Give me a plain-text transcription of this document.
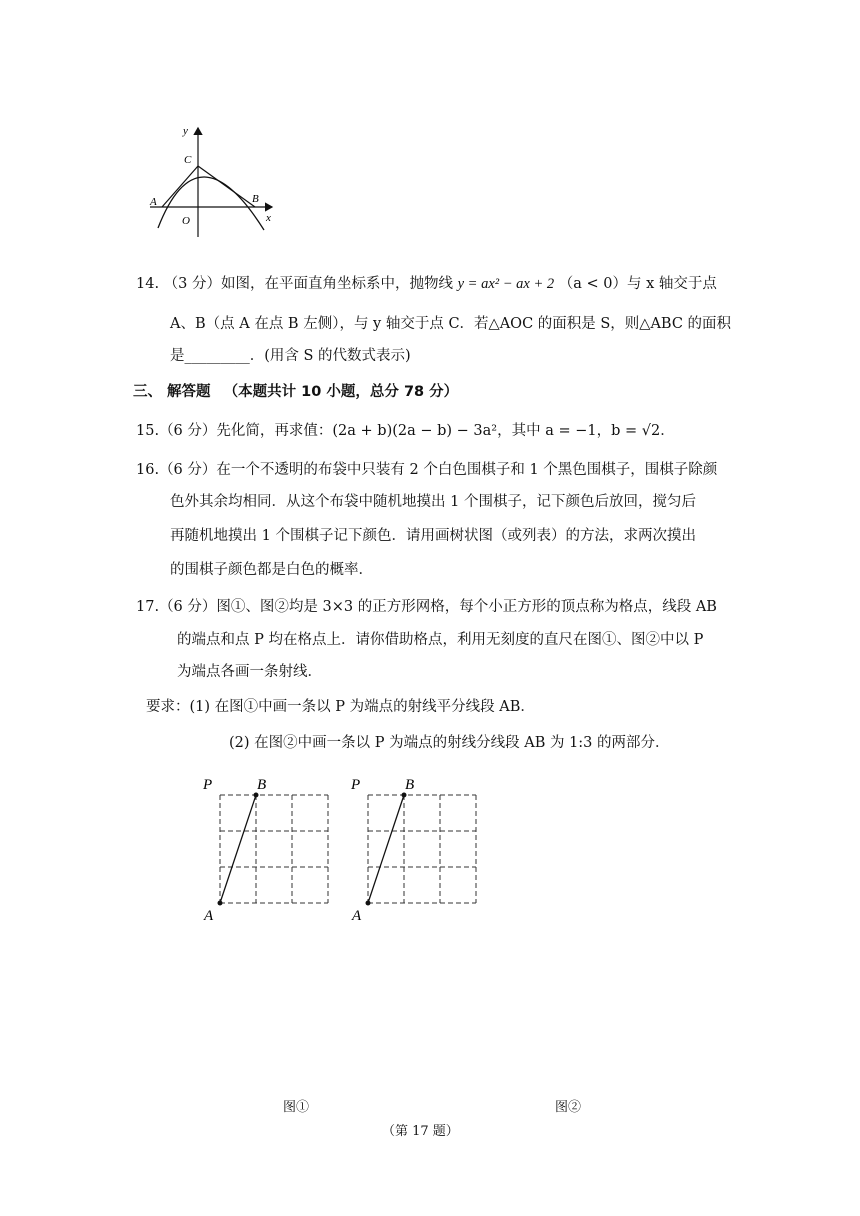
y
C
A	B
O	x
14. （3 分）如图，在平面直角坐标系中，抛物线 y = ax² − ax + 2 （a < 0）与 x 轴交于点
A、B（点 A 在点 B 左侧），与 y 轴交于点 C．若△AOC 的面积是 S，则△ABC 的面积
是_________．(用含 S 的代数式表示)
三、 解答题 （本题共计 10 小题，总分 78 分）
15.（6 分）先化简，再求值：(2a + b)(2a − b) − 3a²，其中 a = −1，b = √2．
16.（6 分）在一个不透明的布袋中只装有 2 个白色围棋子和 1 个黑色围棋子，围棋子除颜
色外其余均相同．从这个布袋中随机地摸出 1 个围棋子，记下颜色后放回，搅匀后
再随机地摸出 1 个围棋子记下颜色．请用画树状图（或列表）的方法，求两次摸出
的围棋子颜色都是白色的概率．
17.（6 分）图①、图②均是 3×3 的正方形网格，每个小正方形的顶点称为格点，线段 AB
的端点和点 P 均在格点上．请你借助格点，利用无刻度的直尺在图①、图②中以 P
为端点各画一条射线．
要求：(1) 在图①中画一条以 P 为端点的射线平分线段 AB．
(2) 在图②中画一条以 P 为端点的射线分线段 AB 为 1:3 的两部分．
P	B
A
P	B
A
图①	图②
（第 17 题）
